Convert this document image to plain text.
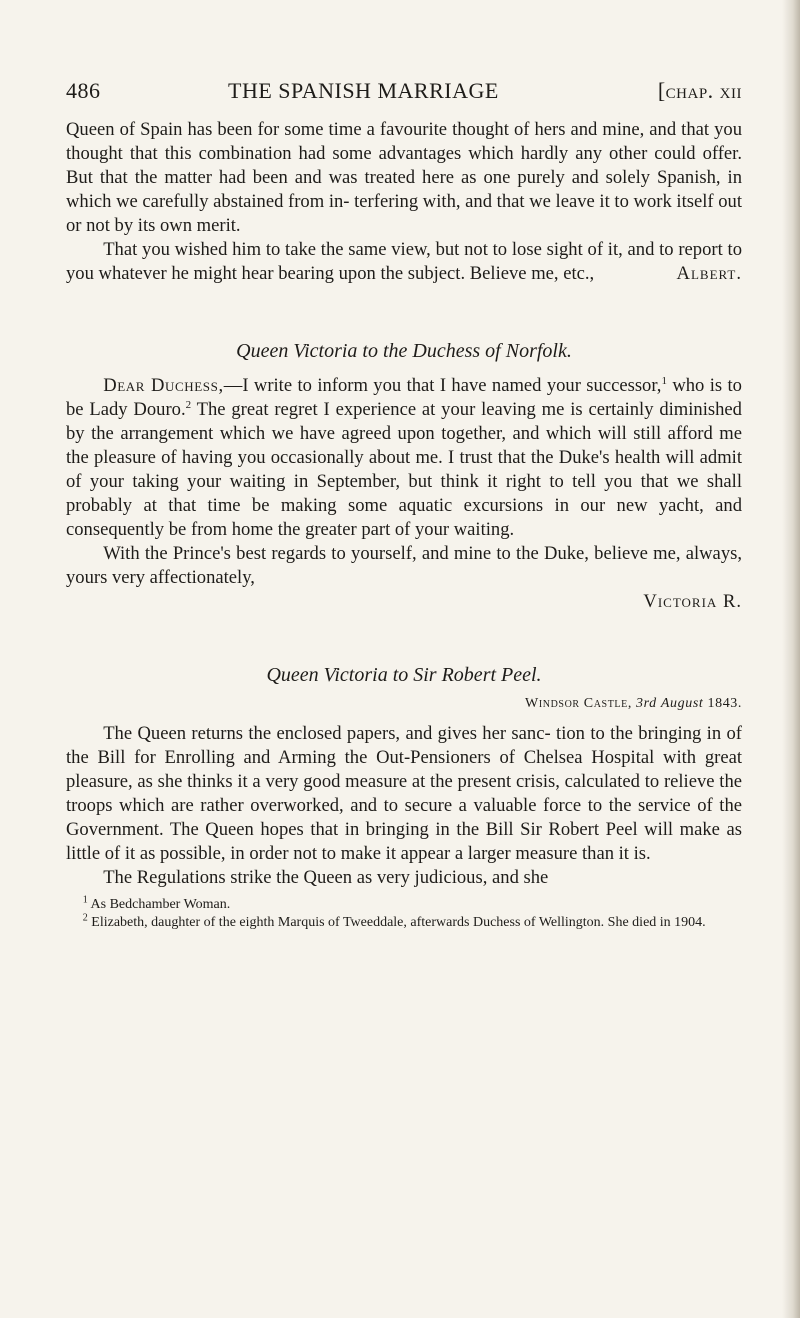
486	THE SPANISH MARRIAGE	[chap. xii

Queen of Spain has been for some time a favourite thought of hers and mine, and that you thought that this combination had some advantages which hardly any other could offer. But that the matter had been and was treated here as one purely and solely Spanish, in which we carefully abstained from in- terfering with, and that we leave it to work itself out or not by its own merit.

That you wished him to take the same view, but not to lose sight of it, and to report to you whatever he might hear bearing upon the subject. Believe me, etc.,	Albert.

Queen Victoria to the Duchess of Norfolk.

Dear Duchess,—I write to inform you that I have named your successor,$^1$ who is to be Lady Douro.$^2$ The great regret I experience at your leaving me is certainly diminished by the arrangement which we have agreed upon together, and which will still afford me the pleasure of having you occasionally about me. I trust that the Duke's health will admit of your taking your waiting in September, but think it right to tell you that we shall probably at that time be making some aquatic excursions in our new yacht, and consequently be from home the greater part of your waiting.

With the Prince's best regards to yourself, and mine to the Duke, believe me, always, yours very affectionately,

Victoria R.

Queen Victoria to Sir Robert Peel.

Windsor Castle, 3rd August 1843.

The Queen returns the enclosed papers, and gives her sanc- tion to the bringing in of the Bill for Enrolling and Arming the Out-Pensioners of Chelsea Hospital with great pleasure, as she thinks it a very good measure at the present crisis, calculated to relieve the troops which are rather overworked, and to secure a valuable force to the service of the Government. The Queen hopes that in bringing in the Bill Sir Robert Peel will make as little of it as possible, in order not to make it appear a larger measure than it is.

The Regulations strike the Queen as very judicious, and she

$^1$ As Bedchamber Woman.

$^2$ Elizabeth, daughter of the eighth Marquis of Tweeddale, afterwards Duchess of Wellington. She died in 1904.
